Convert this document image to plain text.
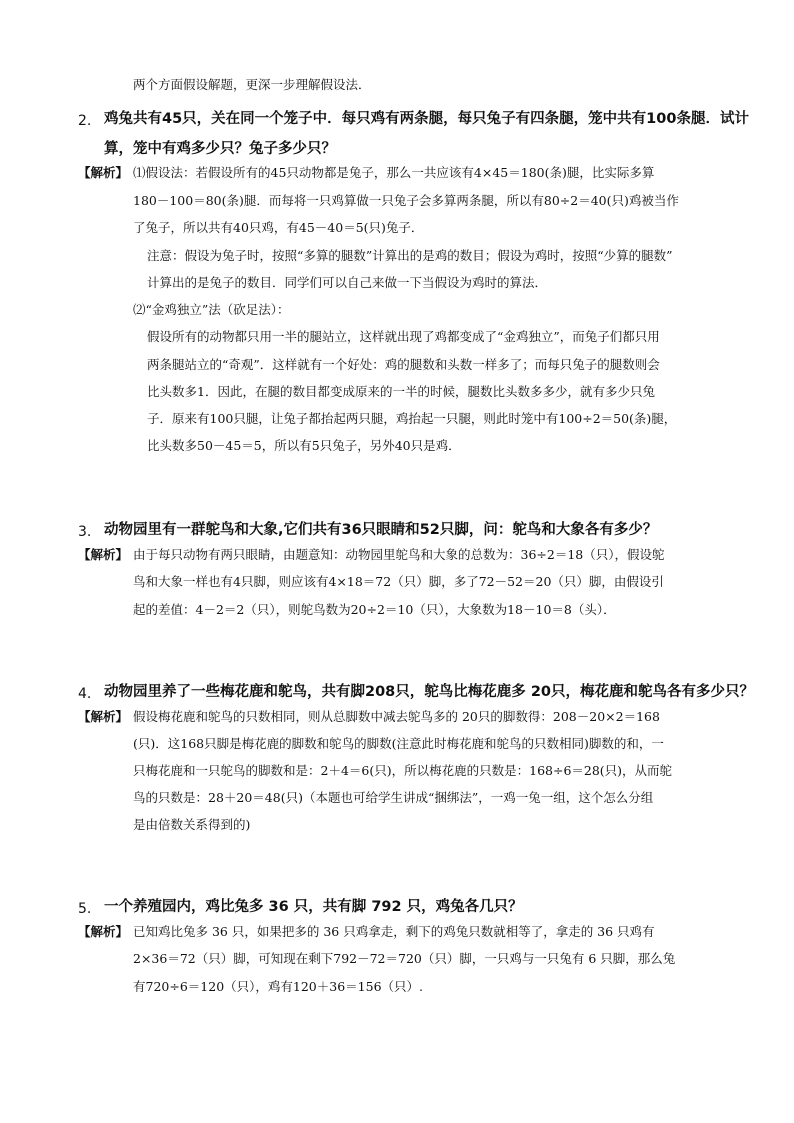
两个方面假设解题，更深一步理解假设法．
2. 鸡兔共有45只，关在同一个笼子中．每只鸡有两条腿，每只兔子有四条腿，笼中共有100条腿．试计
算，笼中有鸡多少只？兔子多少只？
【解析】 ⑴假设法：若假设所有的45只动物都是兔子，那么一共应该有4×45＝180(条)腿，比实际多算
180－100＝80(条)腿．而每将一只鸡算做一只兔子会多算两条腿，所以有80÷2＝40(只)鸡被当作
了兔子，所以共有40只鸡，有45－40＝5(只)兔子．
注意：假设为兔子时，按照“多算的腿数”计算出的是鸡的数目；假设为鸡时，按照“少算的腿数”
计算出的是兔子的数目．同学们可以自己来做一下当假设为鸡时的算法．
⑵“金鸡独立”法（砍足法）：
假设所有的动物都只用一半的腿站立，这样就出现了鸡都变成了“金鸡独立”，而兔子们都只用
两条腿站立的“奇观”．这样就有一个好处：鸡的腿数和头数一样多了；而每只兔子的腿数则会
比头数多1．因此，在腿的数目都变成原来的一半的时候，腿数比头数多多少，就有多少只兔
子．原来有100只腿，让兔子都抬起两只腿，鸡抬起一只腿，则此时笼中有100÷2＝50(条)腿，
比头数多50－45＝5，所以有5只兔子，另外40只是鸡．
3. 动物园里有一群鸵鸟和大象,它们共有36只眼睛和52只脚，问：鸵鸟和大象各有多少？
【解析】 由于每只动物有两只眼睛，由题意知：动物园里鸵鸟和大象的总数为：36÷2＝18（只），假设鸵
鸟和大象一样也有4只脚，则应该有4×18＝72（只）脚，多了72－52＝20（只）脚，由假设引
起的差值：4－2＝2（只），则鸵鸟数为20÷2＝10（只），大象数为18－10＝8（头）．
4. 动物园里养了一些梅花鹿和鸵鸟，共有脚208只，鸵鸟比梅花鹿多 20只，梅花鹿和鸵鸟各有多少只？
【解析】 假设梅花鹿和鸵鸟的只数相同，则从总脚数中减去鸵鸟多的 20只的脚数得：208－20×2＝168
(只)．这168只脚是梅花鹿的脚数和鸵鸟的脚数(注意此时梅花鹿和鸵鸟的只数相同)脚数的和，一
只梅花鹿和一只鸵鸟的脚数和是：2＋4＝6(只)，所以梅花鹿的只数是：168÷6＝28(只)，从而鸵
鸟的只数是：28＋20＝48(只)（本题也可给学生讲成“捆绑法”，一鸡一兔一组，这个怎么分组
是由倍数关系得到的)
5. 一个养殖园内，鸡比兔多 36 只，共有脚 792 只，鸡兔各几只？
【解析】 已知鸡比兔多 36 只，如果把多的 36 只鸡拿走，剩下的鸡兔只数就相等了，拿走的 36 只鸡有
2×36＝72（只）脚，可知现在剩下792－72＝720（只）脚，一只鸡与一只兔有 6 只脚，那么兔
有720÷6＝120（只），鸡有120＋36＝156（只）.
